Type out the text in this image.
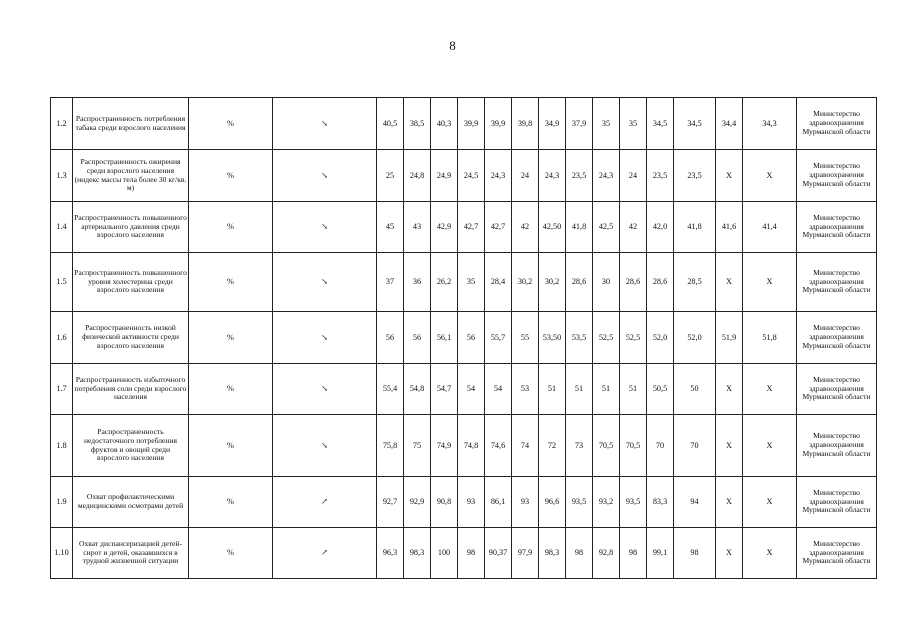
8
1.2	Распространенность потребления табака среди взрослого населения	%	↘	40,5	38,5	40,3	39,9	39,9	39,8	34,9	37,9	35	35	34,5	34,5	34,4	34,3	Министерство здравоохранения Мурманской области
1.3	Распространенность ожирения среди взрослого населения (индекс массы тела более 30 кг/кв. м)	%	↘	25	24,8	24,9	24,5	24,3	24	24,3	23,5	24,3	24	23,5	23,5	Х	Х	Министерство здравоохранения Мурманской области
1.4	Распространенность повышенного артериального давления среди взрослого населения	%	↘	45	43	42,9	42,7	42,7	42	42,50	41,8	42,5	42	42,0	41,8	41,6	41,4	Министерство здравоохранения Мурманской области
1.5	Распространенность повышенного уровня холестерина среди взрослого населения	%	↘	37	36	26,2	35	28,4	30,2	30,2	28,6	30	28,6	28,6	28,5	Х	Х	Министерство здравоохранения Мурманской области
1.6	Распространенность низкой физической активности среди взрослого населения	%	↘	56	56	56,1	56	55,7	55	53,50	53,5	52,5	52,5	52,0	52,0	51,9	51,8	Министерство здравоохранения Мурманской области
1.7	Распространенность избыточного потребления соли среди взрослого населения	%	↘	55,4	54,8	54,7	54	54	53	51	51	51	51	50,5	50	Х	Х	Министерство здравоохранения Мурманской области
1.8	Распространенность недостаточного потребления фруктов и овощей среди взрослого населения	%	↘	75,8	75	74,9	74,8	74,6	74	72	73	70,5	70,5	70	70	Х	Х	Министерство здравоохранения Мурманской области
1.9	Охват профилактическими медицинскими осмотрами детей	%	↗	92,7	92,9	90,8	93	86,1	93	96,6	93,5	93,2	93,5	83,3	94	Х	Х	Министерство здравоохранения Мурманской области
1.10	Охват диспансеризацией детей-сирот и детей, оказавшихся в трудной жизненной ситуации	%	↗	96,3	98,3	100	98	90,37	97,9	98,3	98	92,8	98	99,1	98	Х	Х	Министерство здравоохранения Мурманской области
